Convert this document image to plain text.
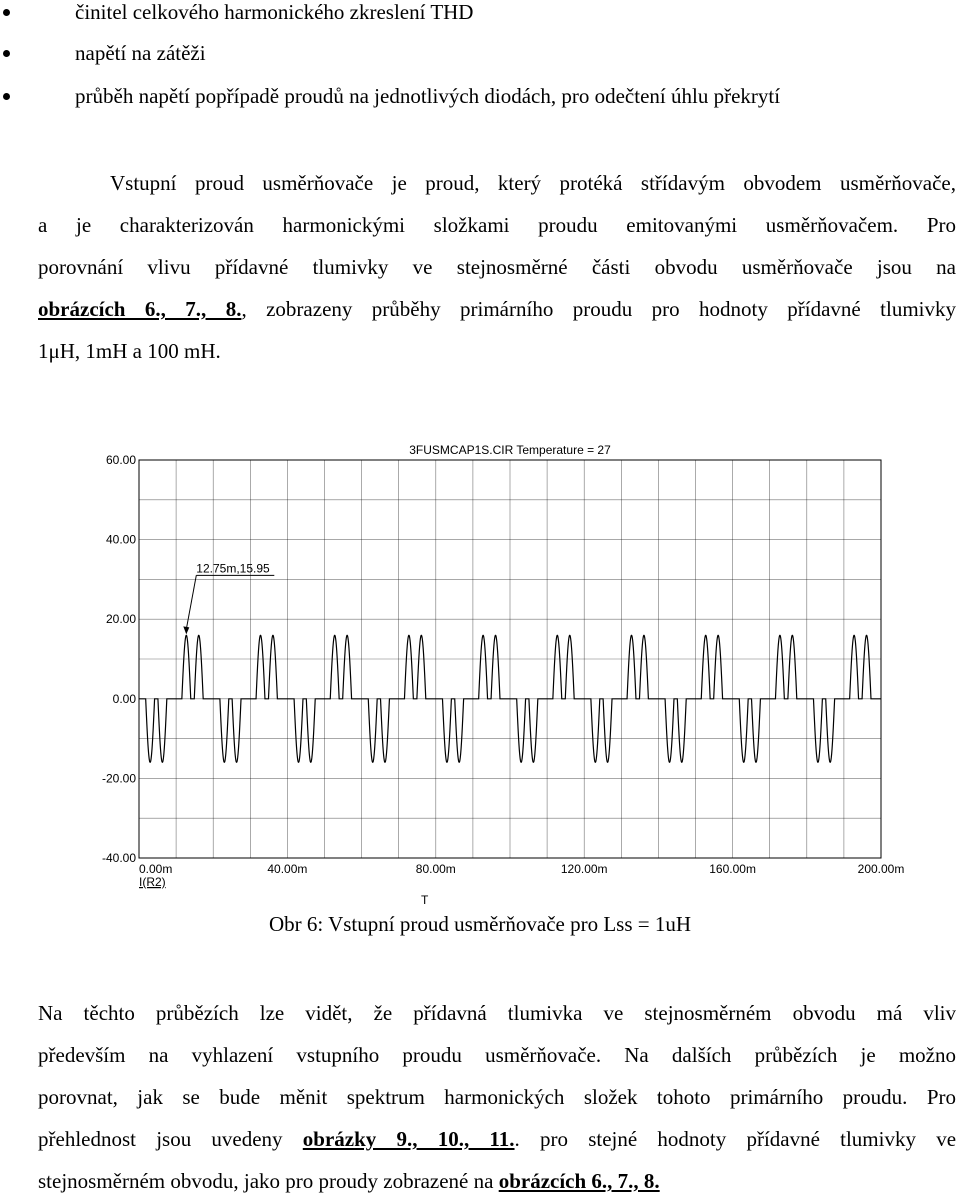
činitel celkového harmonického zkreslení THD
napětí na zátěži
průběh napětí popřípadě proudů na jednotlivých diodách, pro odečtení úhlu překrytí
Vstupní proud usměrňovače je proud, který protéká střídavým obvodem usměrňovače,
a je charakterizován harmonickými složkami proudu emitovanými usměrňovačem. Pro
porovnání vlivu přídavné tlumivky ve stejnosměrné části obvodu usměrňovače jsou na
obrázcích 6., 7., 8., zobrazeny průběhy primárního proudu pro hodnoty přídavné tlumivky
1μH, 1mH a 100 mH.
60.00
40.00
20.00
0.00
-20.00
-40.00
0.00m	40.00m	80.00m	120.00m	160.00m	200.00m
3FUSMCAP1S.CIR Temperature = 27
12.75m,15.95
I(R2)
T
Obr 6: Vstupní proud usměrňovače pro Lss = 1uH
Na těchto průbězích lze vidět, že přídavná tlumivka ve stejnosměrném obvodu má vliv
především na vyhlazení vstupního proudu usměrňovače. Na dalších průbězích je možno
porovnat, jak se bude měnit spektrum harmonických složek tohoto primárního proudu. Pro
přehlednost jsou uvedeny obrázky 9., 10., 11.. pro stejné hodnoty přídavné tlumivky ve
stejnosměrném obvodu, jako pro proudy zobrazené na obrázcích 6., 7., 8.
